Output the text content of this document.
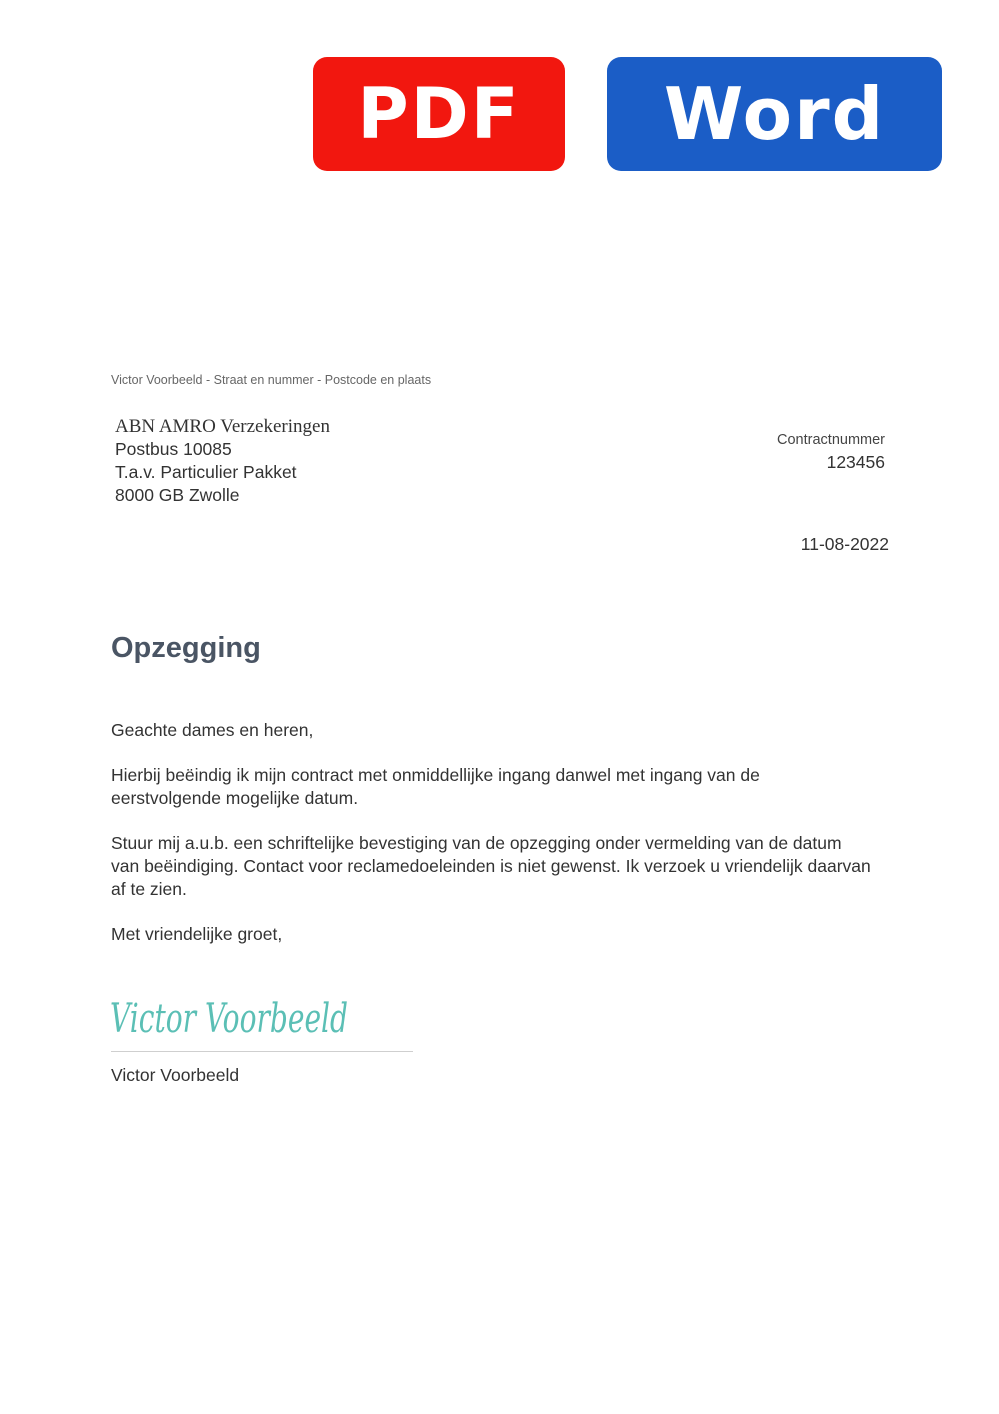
PDF	Word
Victor Voorbeeld - Straat en nummer - Postcode en plaats
ABN AMRO Verzekeringen
Postbus 10085
T.a.v. Particulier Pakket
8000 GB Zwolle
Contractnummer
123456
11-08-2022
Opzegging

Geachte dames en heren,

Hierbij beëindig ik mijn contract met onmiddellijke ingang danwel met ingang van de eerstvolgende mogelijke datum.

Stuur mij a.u.b. een schriftelijke bevestiging van de opzegging onder vermelding van de datum van beëindiging. Contact voor reclamedoeleinden is niet gewenst. Ik verzoek u vriendelijk daarvan af te zien.

Met vriendelijke groet,

Victor Voorbeeld
Victor Voorbeeld
